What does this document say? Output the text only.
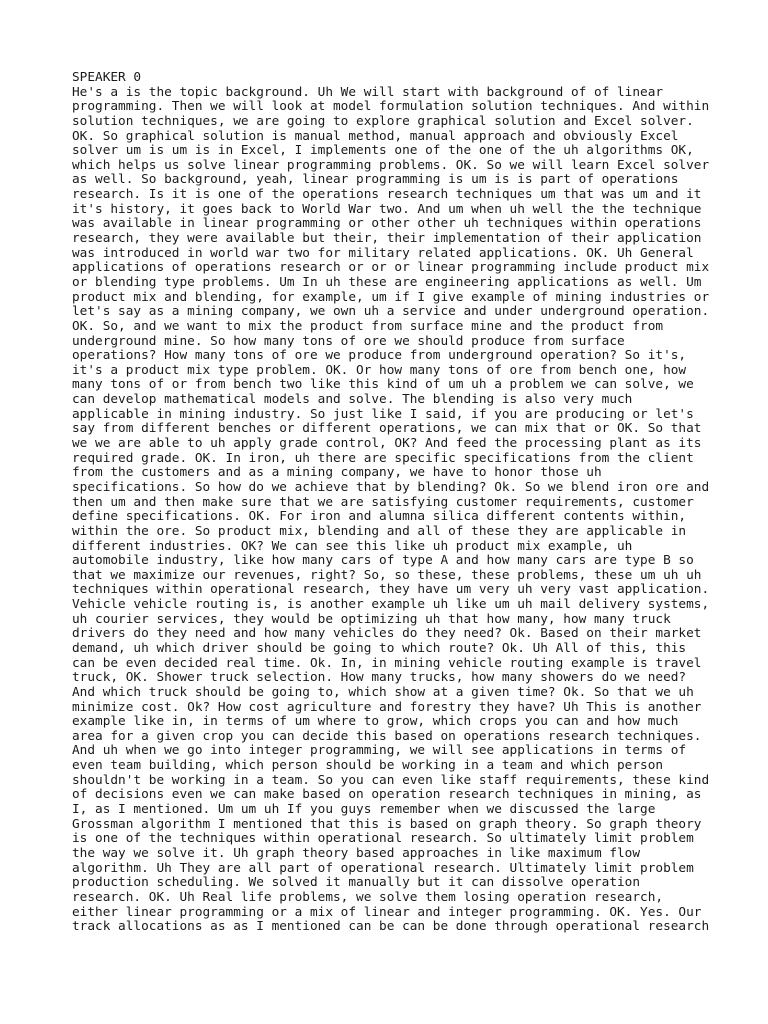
SPEAKER 0
He's a is the topic background. Uh We will start with background of of linear
programming. Then we will look at model formulation solution techniques. And within
solution techniques, we are going to explore graphical solution and Excel solver.
OK. So graphical solution is manual method, manual approach and obviously Excel
solver um is um is in Excel, I implements one of the one of the uh algorithms OK,
which helps us solve linear programming problems. OK. So we will learn Excel solver
as well. So background, yeah, linear programming is um is is part of operations
research. Is it is one of the operations research techniques um that was um and it
it's history, it goes back to World War two. And um when uh well the the technique
was available in linear programming or other other uh techniques within operations
research, they were available but their, their implementation of their application
was introduced in world war two for military related applications. OK. Uh General
applications of operations research or or or linear programming include product mix
or blending type problems. Um In uh these are engineering applications as well. Um
product mix and blending, for example, um if I give example of mining industries or
let's say as a mining company, we own uh a service and under underground operation.
OK. So, and we want to mix the product from surface mine and the product from
underground mine. So how many tons of ore we should produce from surface
operations? How many tons of ore we produce from underground operation? So it's,
it's a product mix type problem. OK. Or how many tons of ore from bench one, how
many tons of or from bench two like this kind of um uh a problem we can solve, we
can develop mathematical models and solve. The blending is also very much
applicable in mining industry. So just like I said, if you are producing or let's
say from different benches or different operations, we can mix that or OK. So that
we we are able to uh apply grade control, OK? And feed the processing plant as its
required grade. OK. In iron, uh there are specific specifications from the client
from the customers and as a mining company, we have to honor those uh
specifications. So how do we achieve that by blending? Ok. So we blend iron ore and
then um and then make sure that we are satisfying customer requirements, customer
define specifications. OK. For iron and alumna silica different contents within,
within the ore. So product mix, blending and all of these they are applicable in
different industries. OK? We can see this like uh product mix example, uh
automobile industry, like how many cars of type A and how many cars are type B so
that we maximize our revenues, right? So, so these, these problems, these um uh uh
techniques within operational research, they have um very uh very vast application.
Vehicle vehicle routing is, is another example uh like um uh mail delivery systems,
uh courier services, they would be optimizing uh that how many, how many truck
drivers do they need and how many vehicles do they need? Ok. Based on their market
demand, uh which driver should be going to which route? Ok. Uh All of this, this
can be even decided real time. Ok. In, in mining vehicle routing example is travel
truck, OK. Shower truck selection. How many trucks, how many showers do we need?
And which truck should be going to, which show at a given time? Ok. So that we uh
minimize cost. Ok? How cost agriculture and forestry they have? Uh This is another
example like in, in terms of um where to grow, which crops you can and how much
area for a given crop you can decide this based on operations research techniques.
And uh when we go into integer programming, we will see applications in terms of
even team building, which person should be working in a team and which person
shouldn't be working in a team. So you can even like staff requirements, these kind
of decisions even we can make based on operation research techniques in mining, as
I, as I mentioned. Um um uh If you guys remember when we discussed the large
Grossman algorithm I mentioned that this is based on graph theory. So graph theory
is one of the techniques within operational research. So ultimately limit problem
the way we solve it. Uh graph theory based approaches in like maximum flow
algorithm. Uh They are all part of operational research. Ultimately limit problem
production scheduling. We solved it manually but it can dissolve operation
research. OK. Uh Real life problems, we solve them losing operation research,
either linear programming or a mix of linear and integer programming. OK. Yes. Our
track allocations as as I mentioned can be can be done through operational research
